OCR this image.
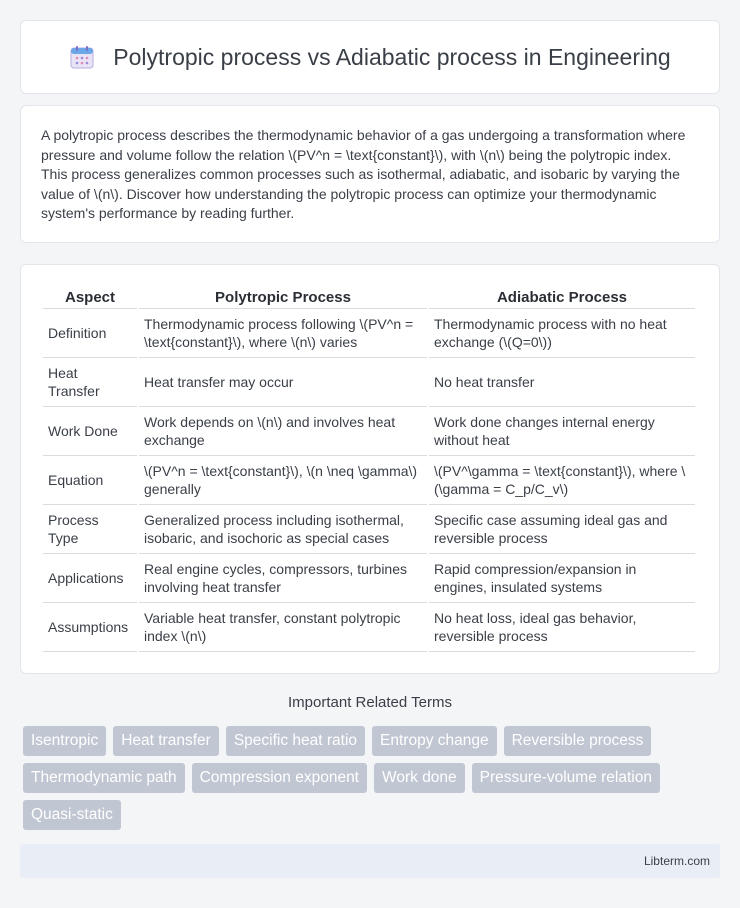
Polytropic process vs Adiabatic process in Engineering

A polytropic process describes the thermodynamic behavior of a gas undergoing a transformation where pressure and volume follow the relation \(PV^n = \text{constant}\), with \(n\) being the polytropic index. This process generalizes common processes such as isothermal, adiabatic, and isobaric by varying the value of \(n\). Discover how understanding the polytropic process can optimize your thermodynamic system's performance by reading further.

Aspect	Polytropic Process	Adiabatic Process
Definition	Thermodynamic process following \(PV^n = \text{constant}\), where \(n\) varies	Thermodynamic process with no heat exchange (\(Q=0\))
Heat Transfer	Heat transfer may occur	No heat transfer
Work Done	Work depends on \(n\) and involves heat exchange	Work done changes internal energy without heat
Equation	\(PV^n = \text{constant}\), \(n \neq \gamma\) generally	\(PV^\gamma = \text{constant}\), where \(\gamma = C_p/C_v\)
Process Type	Generalized process including isothermal, isobaric, and isochoric as special cases	Specific case assuming ideal gas and reversible process
Applications	Real engine cycles, compressors, turbines involving heat transfer	Rapid compression/expansion in engines, insulated systems
Assumptions	Variable heat transfer, constant polytropic index \(n\)	No heat loss, ideal gas behavior, reversible process
Important Related Terms
Isentropic	Heat transfer	Specific heat ratio	Entropy change	Reversible process
Thermodynamic path	Compression exponent	Work done	Pressure-volume relation
Quasi-static
Libterm.com
